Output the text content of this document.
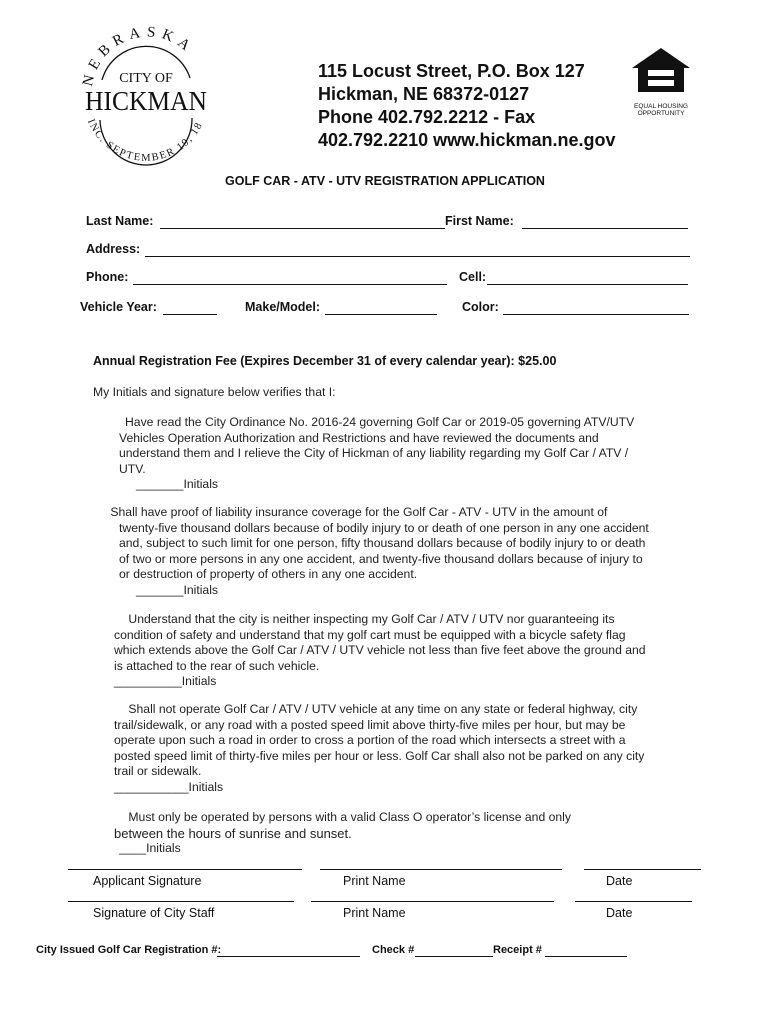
NEBRASKA
INC. SEPTEMBER 19, 18
CITY OF
HICKMAN
115 Locust Street, P.O. Box 127
Hickman, NE 68372-0127
Phone 402.792.2212 - Fax
402.792.2210 www.hickman.ne.gov
EQUAL HOUSING
OPPORTUNITY
GOLF CAR - ATV - UTV REGISTRATION APPLICATION
Last Name:	First Name:
Address:
Phone:	Cell:
Vehicle Year:	Make/Model:	Color:
Annual Registration Fee (Expires December 31 of every calendar year): $25.00
My Initials and signature below verifies that I:
Have read the City Ordinance No. 2016-24 governing Golf Car or 2019-05 governing ATV/UTV
Vehicles Operation Authorization and Restrictions and have reviewed the documents and
understand them and I relieve the City of Hickman of any liability regarding my Golf Car / ATV /
UTV.
_______Initials
Shall have proof of liability insurance coverage for the Golf Car - ATV - UTV in the amount of
twenty-five thousand dollars because of bodily injury to or death of one person in any one accident
and, subject to such limit for one person, fifty thousand dollars because of bodily injury to or death
of two or more persons in any one accident, and twenty-five thousand dollars because of injury to
or destruction of property of others in any one accident.
_______Initials
Understand that the city is neither inspecting my Golf Car / ATV / UTV nor guaranteeing its
condition of safety and understand that my golf cart must be equipped with a bicycle safety flag
which extends above the Golf Car / ATV / UTV vehicle not less than five feet above the ground and
is attached to the rear of such vehicle.
__________Initials
Shall not operate Golf Car / ATV / UTV vehicle at any time on any state or federal highway, city
trail/sidewalk, or any road with a posted speed limit above thirty-five miles per hour, but may be
operate upon such a road in order to cross a portion of the road which intersects a street with a
posted speed limit of thirty-five miles per hour or less. Golf Car shall also not be parked on any city
trail or sidewalk.
___________Initials
Must only be operated by persons with a valid Class O operator’s license and only
between the hours of sunrise and sunset.
____Initials
Applicant Signature	Print Name	Date
Signature of City Staff	Print Name	Date
City Issued Golf Car Registration #:	Check #	Receipt #
